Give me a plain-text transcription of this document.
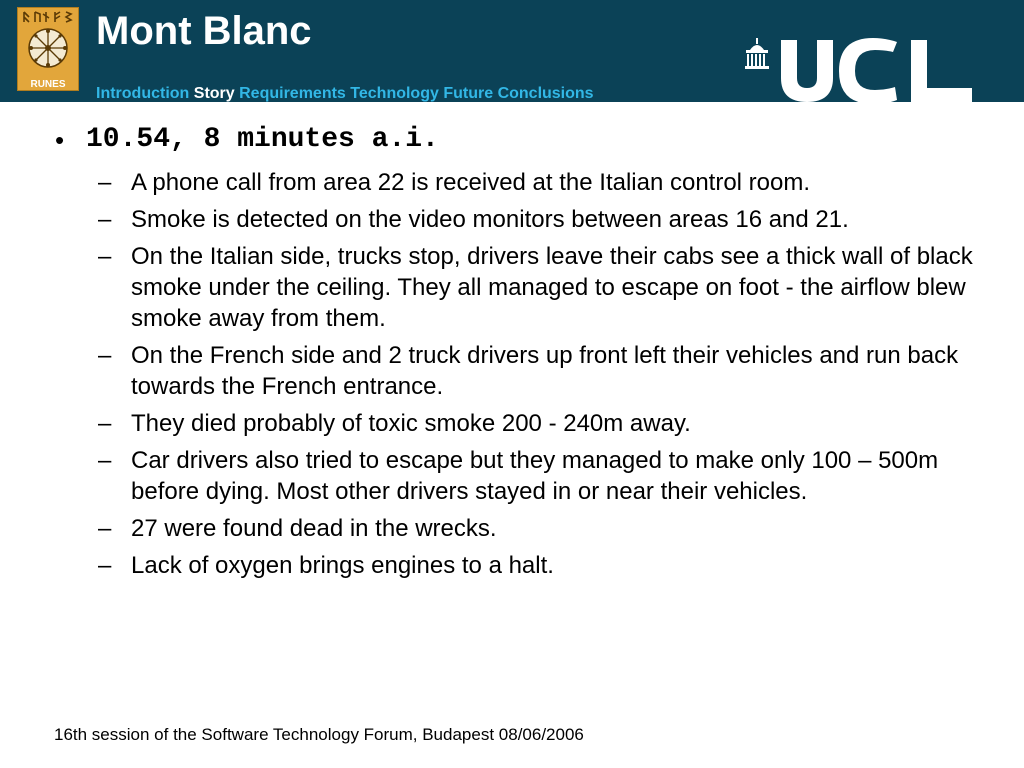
RUNES
Mont Blanc
Introduction Story Requirements Technology Future Conclusions
• 10.54, 8 minutes a.i.
– A phone call from area 22 is received at the Italian control room.
– Smoke is detected on the video monitors between areas 16 and 21.
– On the Italian side, trucks stop, drivers leave their cabs see a thick wall of black smoke under the ceiling. They all managed to escape on foot - the airflow blew smoke away from them.
– On the French side and 2 truck drivers up front left their vehicles and run back towards the French entrance.
– They died probably of toxic smoke 200 - 240m away.
– Car drivers also tried to escape but they managed to make only 100 – 500m before dying. Most other drivers stayed in or near their vehicles.
– 27 were found dead in the wrecks.
– Lack of oxygen brings engines to a halt.
16th session of the Software Technology Forum, Budapest 08/06/2006
